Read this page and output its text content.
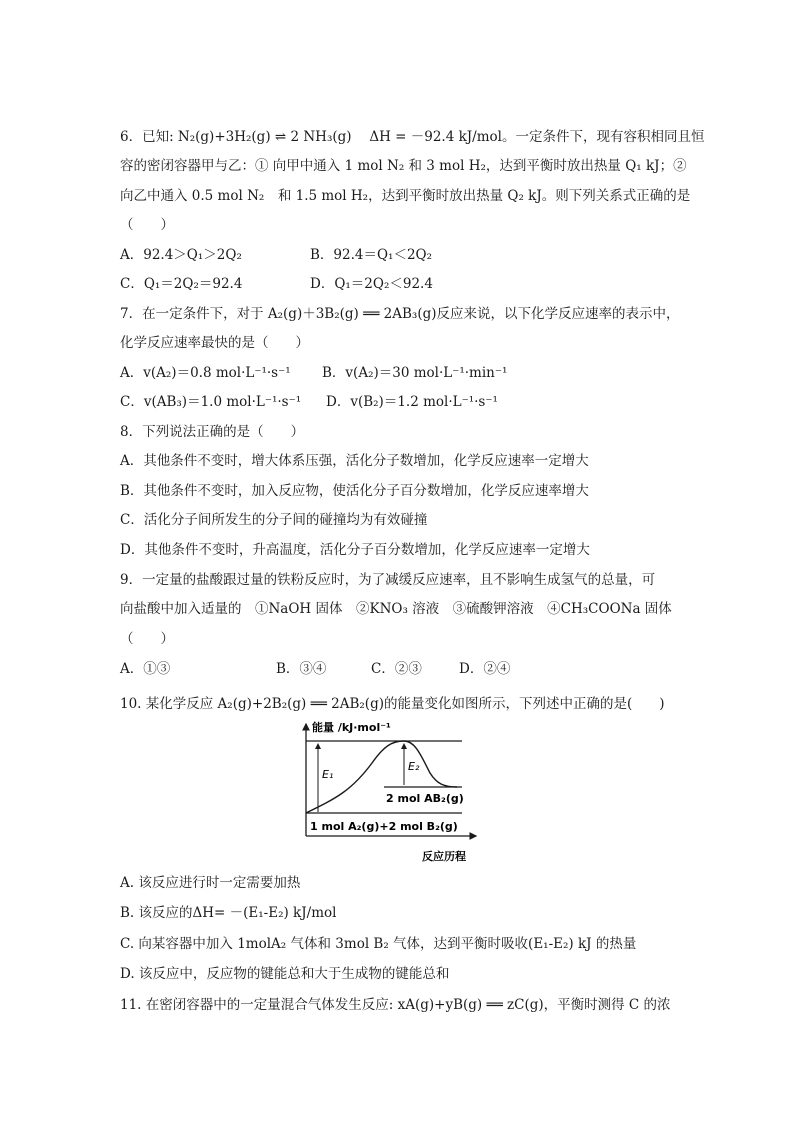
6．已知: N₂(g)+3H₂(g) ⇌ 2 NH₃(g)　 ΔH = －92.4 kJ/mol。一定条件下，现有容积相同且恒
容的密闭容器甲与乙：① 向甲中通入 1 mol N₂ 和 3 mol H₂，达到平衡时放出热量 Q₁ kJ；②
向乙中通入 0.5 mol N₂　和 1.5 mol H₂，达到平衡时放出热量 Q₂ kJ。则下列关系式正确的是
（　　）
A．92.4＞Q₁＞2Q₂	B．92.4＝Q₁＜2Q₂
C．Q₁＝2Q₂＝92.4	D．Q₁＝2Q₂＜92.4
7．在一定条件下，对于 A₂(g)＋3B₂(g) ══ 2AB₃(g)反应来说，以下化学反应速率的表示中，
化学反应速率最快的是（　　）
A．v(A₂)＝0.8 mol·L⁻¹·s⁻¹ B．v(A₂)＝30 mol·L⁻¹·min⁻¹
C．v(AB₃)＝1.0 mol·L⁻¹·s⁻¹ D．v(B₂)＝1.2 mol·L⁻¹·s⁻¹
8．下列说法正确的是（　　）
A．其他条件不变时，增大体系压强，活化分子数增加，化学反应速率一定增大
B．其他条件不变时，加入反应物，使活化分子百分数增加，化学反应速率增大
C．活化分子间所发生的分子间的碰撞均为有效碰撞
D．其他条件不变时，升高温度，活化分子百分数增加，化学反应速率一定增大
9．一定量的盐酸跟过量的铁粉反应时，为了减缓反应速率，且不影响生成氢气的总量，可
向盐酸中加入适量的　①NaOH 固体　②KNO₃ 溶液　③硫酸钾溶液　④CH₃COONa 固体
（　　）
A．①③	B．③④	C．②③	D．②④
10. 某化学反应 A₂(g)+2B₂(g) ══ 2AB₂(g)的能量变化如图所示，下列述中正确的是(　　)
能量 /kJ·mol⁻¹
E₁
E₂
2 mol AB₂(g)
1 mol A₂(g)+2 mol B₂(g)
反应历程
A. 该反应进行时一定需要加热
B. 该反应的ΔH= －(E₁-E₂) kJ/mol
C. 向某容器中加入 1molA₂ 气体和 3mol B₂ 气体，达到平衡时吸收(E₁-E₂) kJ 的热量
D. 该反应中，反应物的键能总和大于生成物的键能总和
11. 在密闭容器中的一定量混合气体发生反应: xA(g)+yB(g) ══ zC(g)，平衡时测得 C 的浓
